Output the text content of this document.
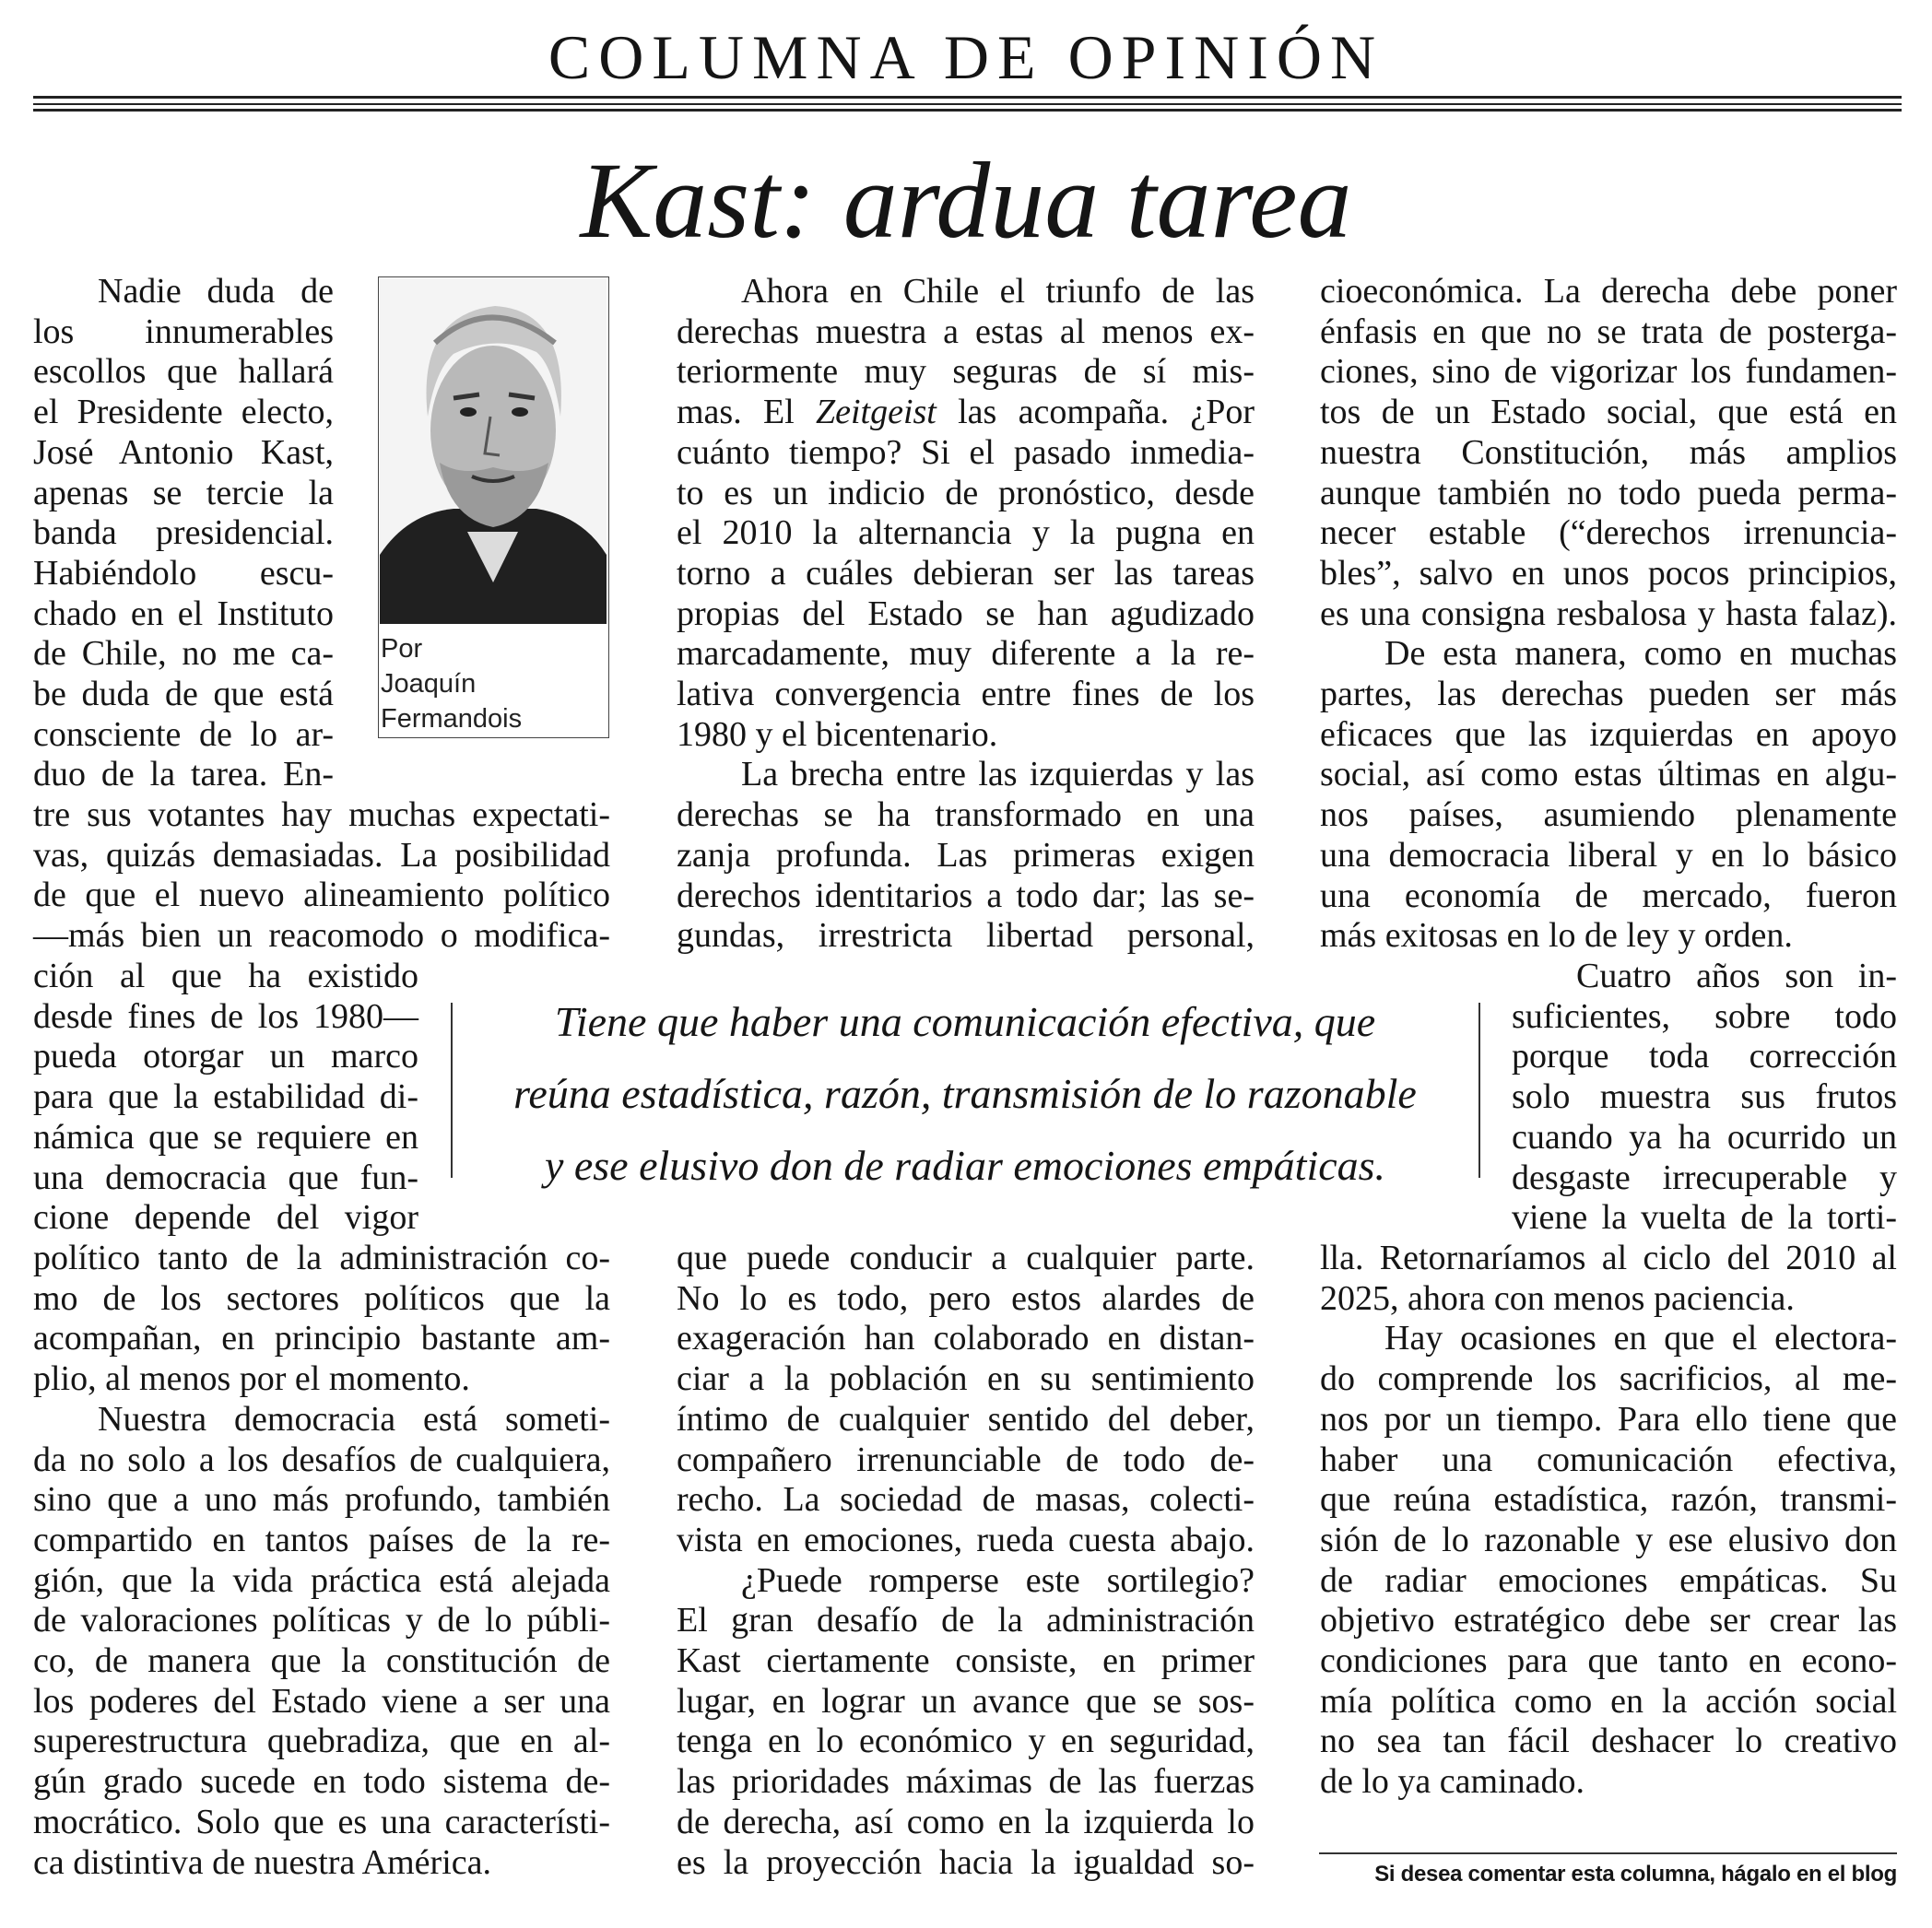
COLUMNA DE OPINIÓN
Kast: ardua tarea
Por
Joaquín
Fermandois
Nadie duda de
los innumerables
escollos que hallará
el Presidente electo,
José Antonio Kast,
apenas se tercie la
banda presidencial.
Habiéndolo escu-
chado en el Instituto
de Chile, no me ca-
be duda de que está
consciente de lo ar-
duo de la tarea. En-
tre sus votantes hay muchas expectati-
vas, quizás demasiadas. La posibilidad
de que el nuevo alineamiento político
—más bien un reacomodo o modifica-
ción al que ha existido
desde fines de los 1980—
pueda otorgar un marco
para que la estabilidad di-
námica que se requiere en
una democracia que fun-
cione depende del vigor
político tanto de la administración co-
mo de los sectores políticos que la
acompañan, en principio bastante am-
plio, al menos por el momento.
Nuestra democracia está someti-
da no solo a los desafíos de cualquiera,
sino que a uno más profundo, también
compartido en tantos países de la re-
gión, que la vida práctica está alejada
de valoraciones políticas y de lo públi-
co, de manera que la constitución de
los poderes del Estado viene a ser una
superestructura quebradiza, que en al-
gún grado sucede en todo sistema de-
mocrático. Solo que es una característi-
ca distintiva de nuestra América.
Ahora en Chile el triunfo de las
derechas muestra a estas al menos ex-
teriormente muy seguras de sí mis-
mas. El Zeitgeist las acompaña. ¿Por
cuánto tiempo? Si el pasado inmedia-
to es un indicio de pronóstico, desde
el 2010 la alternancia y la pugna en
torno a cuáles debieran ser las tareas
propias del Estado se han agudizado
marcadamente, muy diferente a la re-
lativa convergencia entre fines de los
1980 y el bicentenario.
La brecha entre las izquierdas y las
derechas se ha transformado en una
zanja profunda. Las primeras exigen
derechos identitarios a todo dar; las se-
gundas, irrestricta libertad personal,
que puede conducir a cualquier parte.
No lo es todo, pero estos alardes de
exageración han colaborado en distan-
ciar a la población en su sentimiento
íntimo de cualquier sentido del deber,
compañero irrenunciable de todo de-
recho. La sociedad de masas, colecti-
vista en emociones, rueda cuesta abajo.
¿Puede romperse este sortilegio?
El gran desafío de la administración
Kast ciertamente consiste, en primer
lugar, en lograr un avance que se sos-
tenga en lo económico y en seguridad,
las prioridades máximas de las fuerzas
de derecha, así como en la izquierda lo
es la proyección hacia la igualdad so-
cioeconómica. La derecha debe poner
énfasis en que no se trata de postergа-
ciones, sino de vigorizar los fundamen-
tos de un Estado social, que está en
nuestra Constitución, más amplios
aunque también no todo pueda perma-
necer estable (“derechos irrenuncia-
bles”, salvo en unos pocos principios,
es una consigna resbalosa y hasta falaz).
De esta manera, como en muchas
partes, las derechas pueden ser más
eficaces que las izquierdas en apoyo
social, así como estas últimas en algu-
nos países, asumiendo plenamente
una democracia liberal y en lo básico
una economía de mercado, fueron
más exitosas en lo de ley y orden.
Cuatro años son in-
suficientes, sobre todo
porque toda corrección
solo muestra sus frutos
cuando ya ha ocurrido un
desgaste irrecuperable y
viene la vuelta de la torti-
lla. Retornaríamos al ciclo del 2010 al
2025, ahora con menos paciencia.
Hay ocasiones en que el electora-
do comprende los sacrificios, al me-
nos por un tiempo. Para ello tiene que
haber una comunicación efectiva,
que reúna estadística, razón, transmi-
sión de lo razonable y ese elusivo don
de radiar emociones empáticas. Su
objetivo estratégico debe ser crear las
condiciones para que tanto en econo-
mía política como en la acción social
no sea tan fácil deshacer lo creativo
de lo ya caminado.
Tiene que haber una comunicación efectiva, que
reúna estadística, razón, transmisión de lo razonable
y ese elusivo don de radiar emociones empáticas.
Si desea comentar esta columna, hágalo en el blog
